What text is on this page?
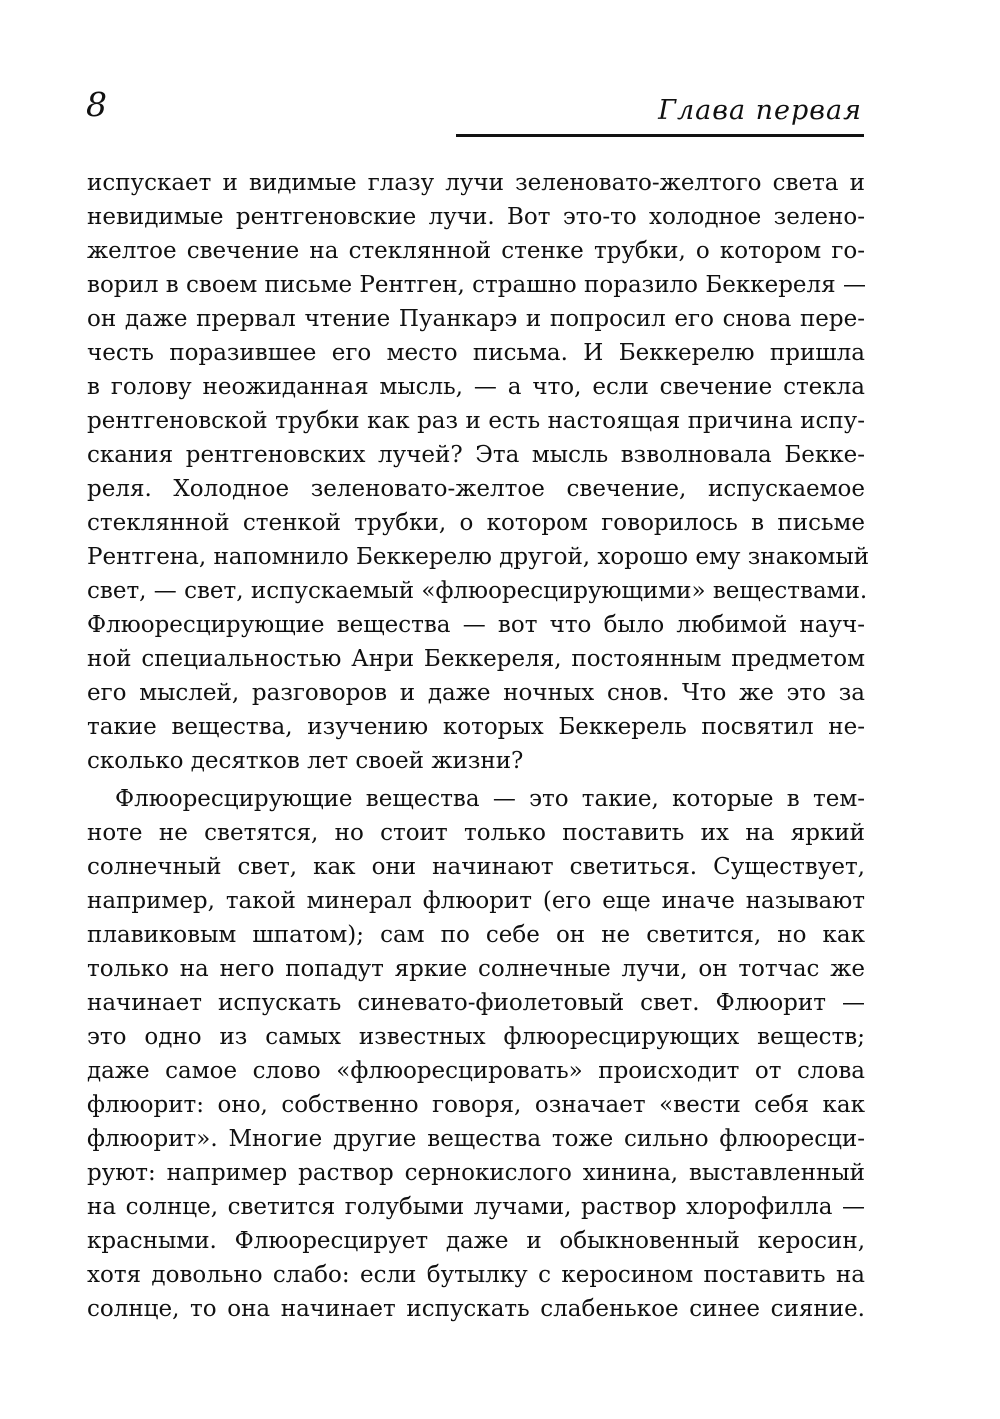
8	Глава первая
испускает и видимые глазу лучи зеленовато-желтого света и
невидимые рентгеновские лучи. Вот это-то холодное зелено-
желтое свечение на стеклянной стенке трубки, о котором го-
ворил в своем письме Рентген, страшно поразило Беккереля —
он даже прервал чтение Пуанкарэ и попросил его снова пере-
честь поразившее его место письма. И Беккерелю пришла
в голову неожиданная мысль, — а что, если свечение стекла
рентгеновской трубки как раз и есть настоящая причина испу-
скания рентгеновских лучей? Эта мысль взволновала Бекке-
реля. Холодное зеленовато-желтое свечение, испускаемое
стеклянной стенкой трубки, о котором говорилось в письме
Рентгена, напомнило Беккерелю другой, хорошо ему знакомый
свет, — свет, испускаемый «флюоресцирующими» веществами.
Флюоресцирующие вещества — вот что было любимой науч-
ной специальностью Анри Беккереля, постоянным предметом
его мыслей, разговоров и даже ночных снов. Что же это за
такие вещества, изучению которых Беккерель посвятил не-
сколько десятков лет своей жизни?
Флюоресцирующие вещества — это такие, которые в тем-
ноте не светятся, но стоит только поставить их на яркий
солнечный свет, как они начинают светиться. Существует,
например, такой минерал флюорит (его еще иначе называют
плавиковым шпатом); сам по себе он не светится, но как
только на него попадут яркие солнечные лучи, он тотчас же
начинает испускать синевато-фиолетовый свет. Флюорит —
это одно из самых известных флюоресцирующих веществ;
даже самое слово «флюоресцировать» происходит от слова
флюорит: оно, собственно говоря, означает «вести себя как
флюорит». Многие другие вещества тоже сильно флюоресци-
руют: например раствор сернокислого хинина, выставленный
на солнце, светится голубыми лучами, раствор хлорофилла —
красными. Флюоресцирует даже и обыкновенный керосин,
хотя довольно слабо: если бутылку с керосином поставить на
солнце, то она начинает испускать слабенькое синее сияние.
